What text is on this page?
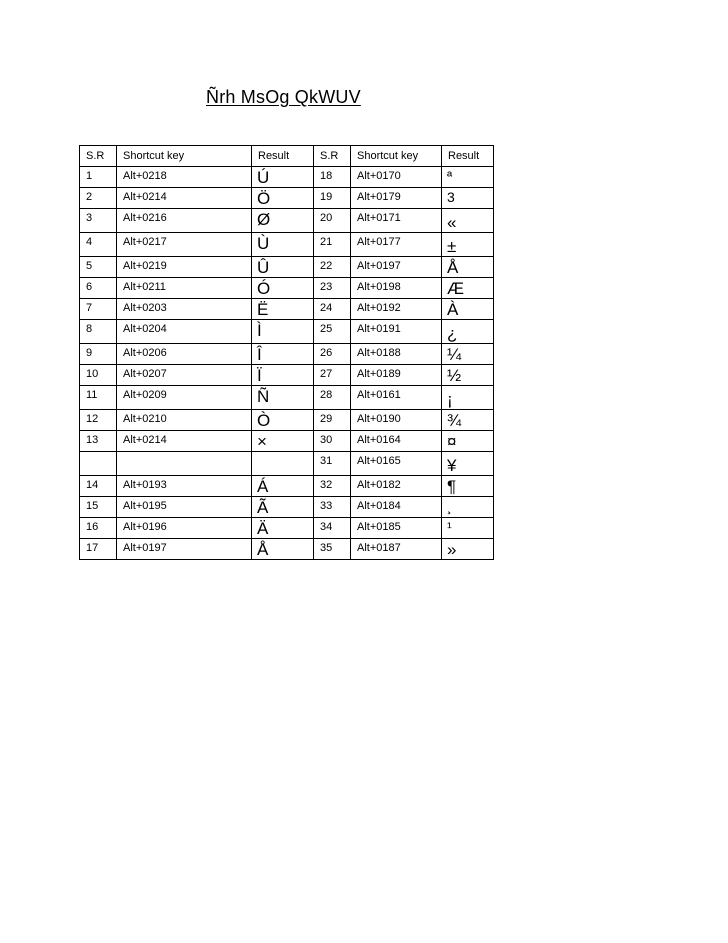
Ñrh MsOg QkWUV
S.R	Shortcut key	Result	S.R	Shortcut key	Result
1	Alt+0218	Ú	18	Alt+0170	ª
2	Alt+0214	Ö	19	Alt+0179	3
3	Alt+0216	Ø	20	Alt+0171	«
4	Alt+0217	Ù	21	Alt+0177	±
5	Alt+0219	Û	22	Alt+0197	Å
6	Alt+0211	Ó	23	Alt+0198	Æ
7	Alt+0203	Ë	24	Alt+0192	À
8	Alt+0204	Ì	25	Alt+0191	¿
9	Alt+0206	Î	26	Alt+0188	¼
10	Alt+0207	Ï	27	Alt+0189	½
11	Alt+0209	Ñ	28	Alt+0161	¡
12	Alt+0210	Ò	29	Alt+0190	¾
13	Alt+0214	×	30	Alt+0164	¤
			31	Alt+0165	¥
14	Alt+0193	Á	32	Alt+0182	¶
15	Alt+0195	Ã	33	Alt+0184	¸
16	Alt+0196	Ä	34	Alt+0185	¹
17	Alt+0197	Å	35	Alt+0187	»
